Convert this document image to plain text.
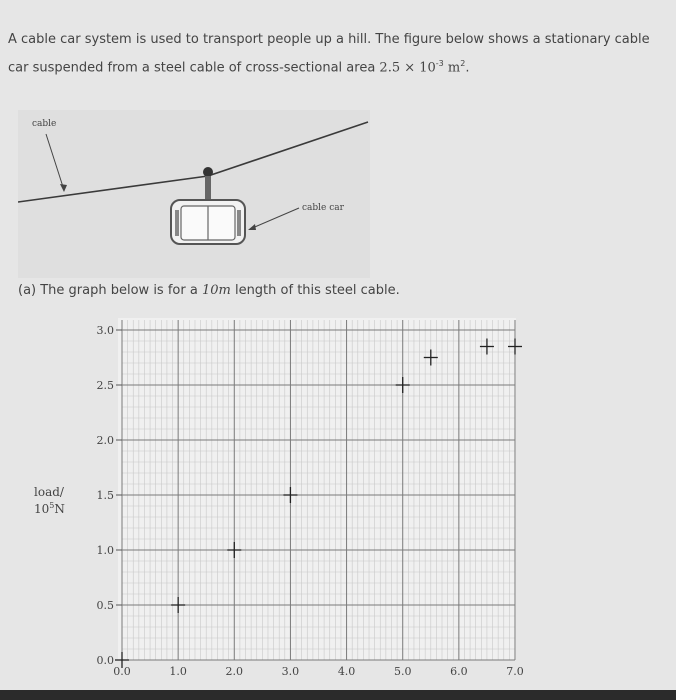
A cable car system is used to transport people up a hill. The figure below shows a stationary cable
car suspended from a steel cable of cross-sectional area $2.5 \times 10^{-3}$ $m^2$.
cable
cable car
(a) The graph below is for a 10m length of this steel cable.
0.0
0.5
1.0
1.5
2.0
2.5
3.0
0.0	1.0	2.0	3.0	4.0	5.0	6.0	7.0
load/
$10^5N$
